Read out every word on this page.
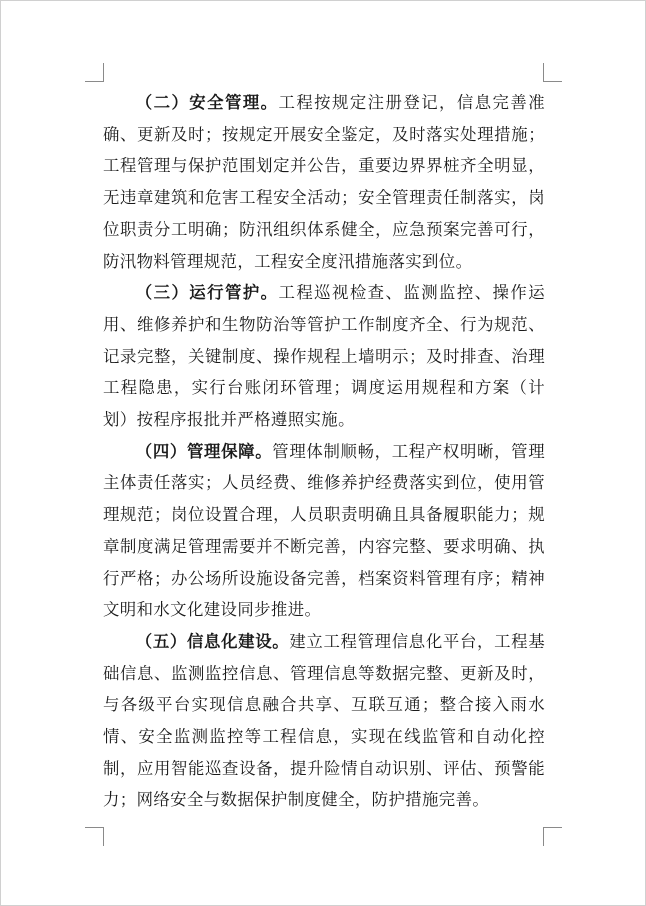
（二）安全管理。工程按规定注册登记，信息完善准确、更新及时；按规定开展安全鉴定，及时落实处理措施；工程管理与保护范围划定并公告，重要边界界桩齐全明显，无违章建筑和危害工程安全活动；安全管理责任制落实，岗位职责分工明确；防汛组织体系健全，应急预案完善可行，防汛物料管理规范，工程安全度汛措施落实到位。

（三）运行管护。工程巡视检查、监测监控、操作运用、维修养护和生物防治等管护工作制度齐全、行为规范、记录完整，关键制度、操作规程上墙明示；及时排查、治理工程隐患，实行台账闭环管理；调度运用规程和方案（计划）按程序报批并严格遵照实施。

（四）管理保障。管理体制顺畅，工程产权明晰，管理主体责任落实；人员经费、维修养护经费落实到位，使用管理规范；岗位设置合理，人员职责明确且具备履职能力；规章制度满足管理需要并不断完善，内容完整、要求明确、执行严格；办公场所设施设备完善，档案资料管理有序；精神文明和水文化建设同步推进。

（五）信息化建设。建立工程管理信息化平台，工程基础信息、监测监控信息、管理信息等数据完整、更新及时，与各级平台实现信息融合共享、互联互通；整合接入雨水情、安全监测监控等工程信息，实现在线监管和自动化控制，应用智能巡查设备，提升险情自动识别、评估、预警能力；网络安全与数据保护制度健全，防护措施完善。
